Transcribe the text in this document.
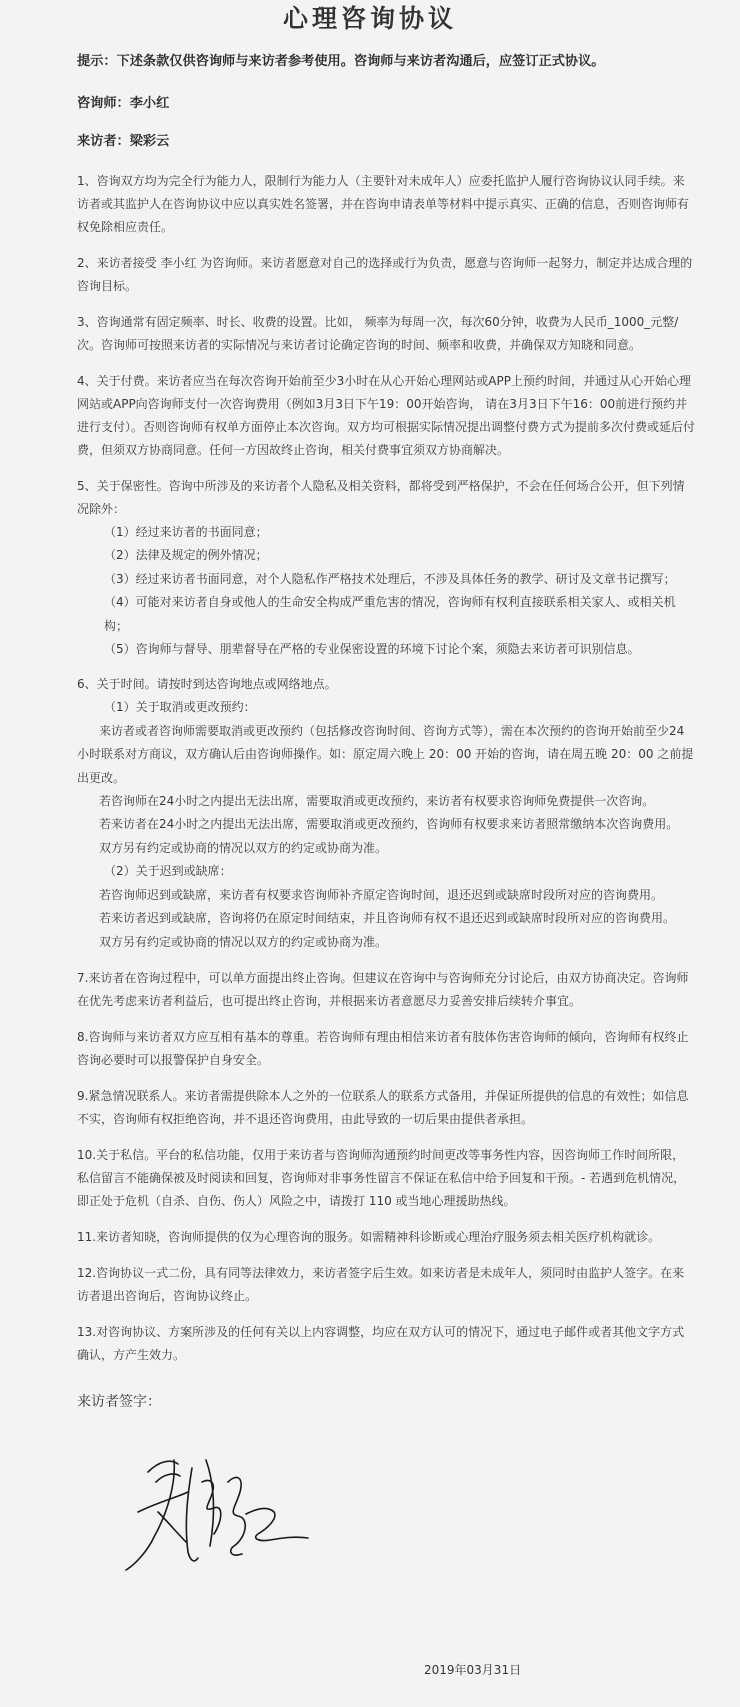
心理咨询协议

提示：下述条款仅供咨询师与来访者参考使用。咨询师与来访者沟通后，应签订正式协议。

咨询师：李小红

来访者：梁彩云

1、咨询双方均为完全行为能力人，限制行为能力人（主要针对未成年人）应委托监护人履行咨询协议认同手续。来访者或其监护人在咨询协议中应以真实姓名签署，并在咨询申请表单等材料中提示真实、正确的信息，否则咨询师有权免除相应责任。

2、来访者接受 李小红 为咨询师。来访者愿意对自己的选择或行为负责，愿意与咨询师一起努力，制定并达成合理的咨询目标。

3、咨询通常有固定频率、时长、收费的设置。比如， 频率为每周一次，每次60分钟，收费为人民币_1000_元整/次。咨询师可按照来访者的实际情况与来访者讨论确定咨询的时间、频率和收费，并确保双方知晓和同意。

4、关于付费。来访者应当在每次咨询开始前至少3小时在从心开始心理网站或APP上预约时间，并通过从心开始心理网站或APP向咨询师支付一次咨询费用（例如3月3日下午19：00开始咨询， 请在3月3日下午16：00前进行预约并进行支付）。否则咨询师有权单方面停止本次咨询。双方均可根据实际情况提出调整付费方式为提前多次付费或延后付费，但须双方协商同意。任何一方因故终止咨询，相关付费事宜须双方协商解决。

5、关于保密性。咨询中所涉及的来访者个人隐私及相关资料，都将受到严格保护，不会在任何场合公开，但下列情况除外：

（1）经过来访者的书面同意；

（2）法律及规定的例外情况；

（3）经过来访者书面同意，对个人隐私作严格技术处理后，不涉及具体任务的教学、研讨及文章书记撰写；

（4）可能对来访者自身或他人的生命安全构成严重危害的情况，咨询师有权利直接联系相关家人、或相关机构；

（5）咨询师与督导、朋辈督导在严格的专业保密设置的环境下讨论个案，须隐去来访者可识别信息。

6、关于时间。请按时到达咨询地点或网络地点。

（1）关于取消或更改预约：

来访者或者咨询师需要取消或更改预约（包括修改咨询时间、咨询方式等），需在本次预约的咨询开始前至少24小时联系对方商议，双方确认后由咨询师操作。如：原定周六晚上 20：00 开始的咨询，请在周五晚 20：00 之前提出更改。

若咨询师在24小时之内提出无法出席，需要取消或更改预约，来访者有权要求咨询师免费提供一次咨询。

若来访者在24小时之内提出无法出席，需要取消或更改预约，咨询师有权要求来访者照常缴纳本次咨询费用。

双方另有约定或协商的情况以双方的约定或协商为准。

（2）关于迟到或缺席：

若咨询师迟到或缺席，来访者有权要求咨询师补齐原定咨询时间，退还迟到或缺席时段所对应的咨询费用。

若来访者迟到或缺席，咨询将仍在原定时间结束，并且咨询师有权不退还迟到或缺席时段所对应的咨询费用。

双方另有约定或协商的情况以双方的约定或协商为准。

7.来访者在咨询过程中，可以单方面提出终止咨询。但建议在咨询中与咨询师充分讨论后，由双方协商决定。咨询师在优先考虑来访者利益后，也可提出终止咨询，并根据来访者意愿尽力妥善安排后续转介事宜。

8.咨询师与来访者双方应互相有基本的尊重。若咨询师有理由相信来访者有肢体伤害咨询师的倾向，咨询师有权终止咨询必要时可以报警保护自身安全。

9.紧急情况联系人。来访者需提供除本人之外的一位联系人的联系方式备用，并保证所提供的信息的有效性；如信息不实，咨询师有权拒绝咨询，并不退还咨询费用，由此导致的一切后果由提供者承担。

10.关于私信。平台的私信功能，仅用于来访者与咨询师沟通预约时间更改等事务性内容，因咨询师工作时间所限，私信留言不能确保被及时阅读和回复，咨询师对非事务性留言不保证在私信中给予回复和干预。- 若遇到危机情况，即正处于危机（自杀、自伤、伤人）风险之中，请拨打 110 或当地心理援助热线。

11.来访者知晓，咨询师提供的仅为心理咨询的服务。如需精神科诊断或心理治疗服务须去相关医疗机构就诊。

12.咨询协议一式二份，具有同等法律效力，来访者签字后生效。如来访者是未成年人，须同时由监护人签字。在来访者退出咨询后，咨询协议终止。

13.对咨询协议、方案所涉及的任何有关以上内容调整，均应在双方认可的情况下，通过电子邮件或者其他文字方式确认，方产生效力。

来访者签字：

2019年03月31日
